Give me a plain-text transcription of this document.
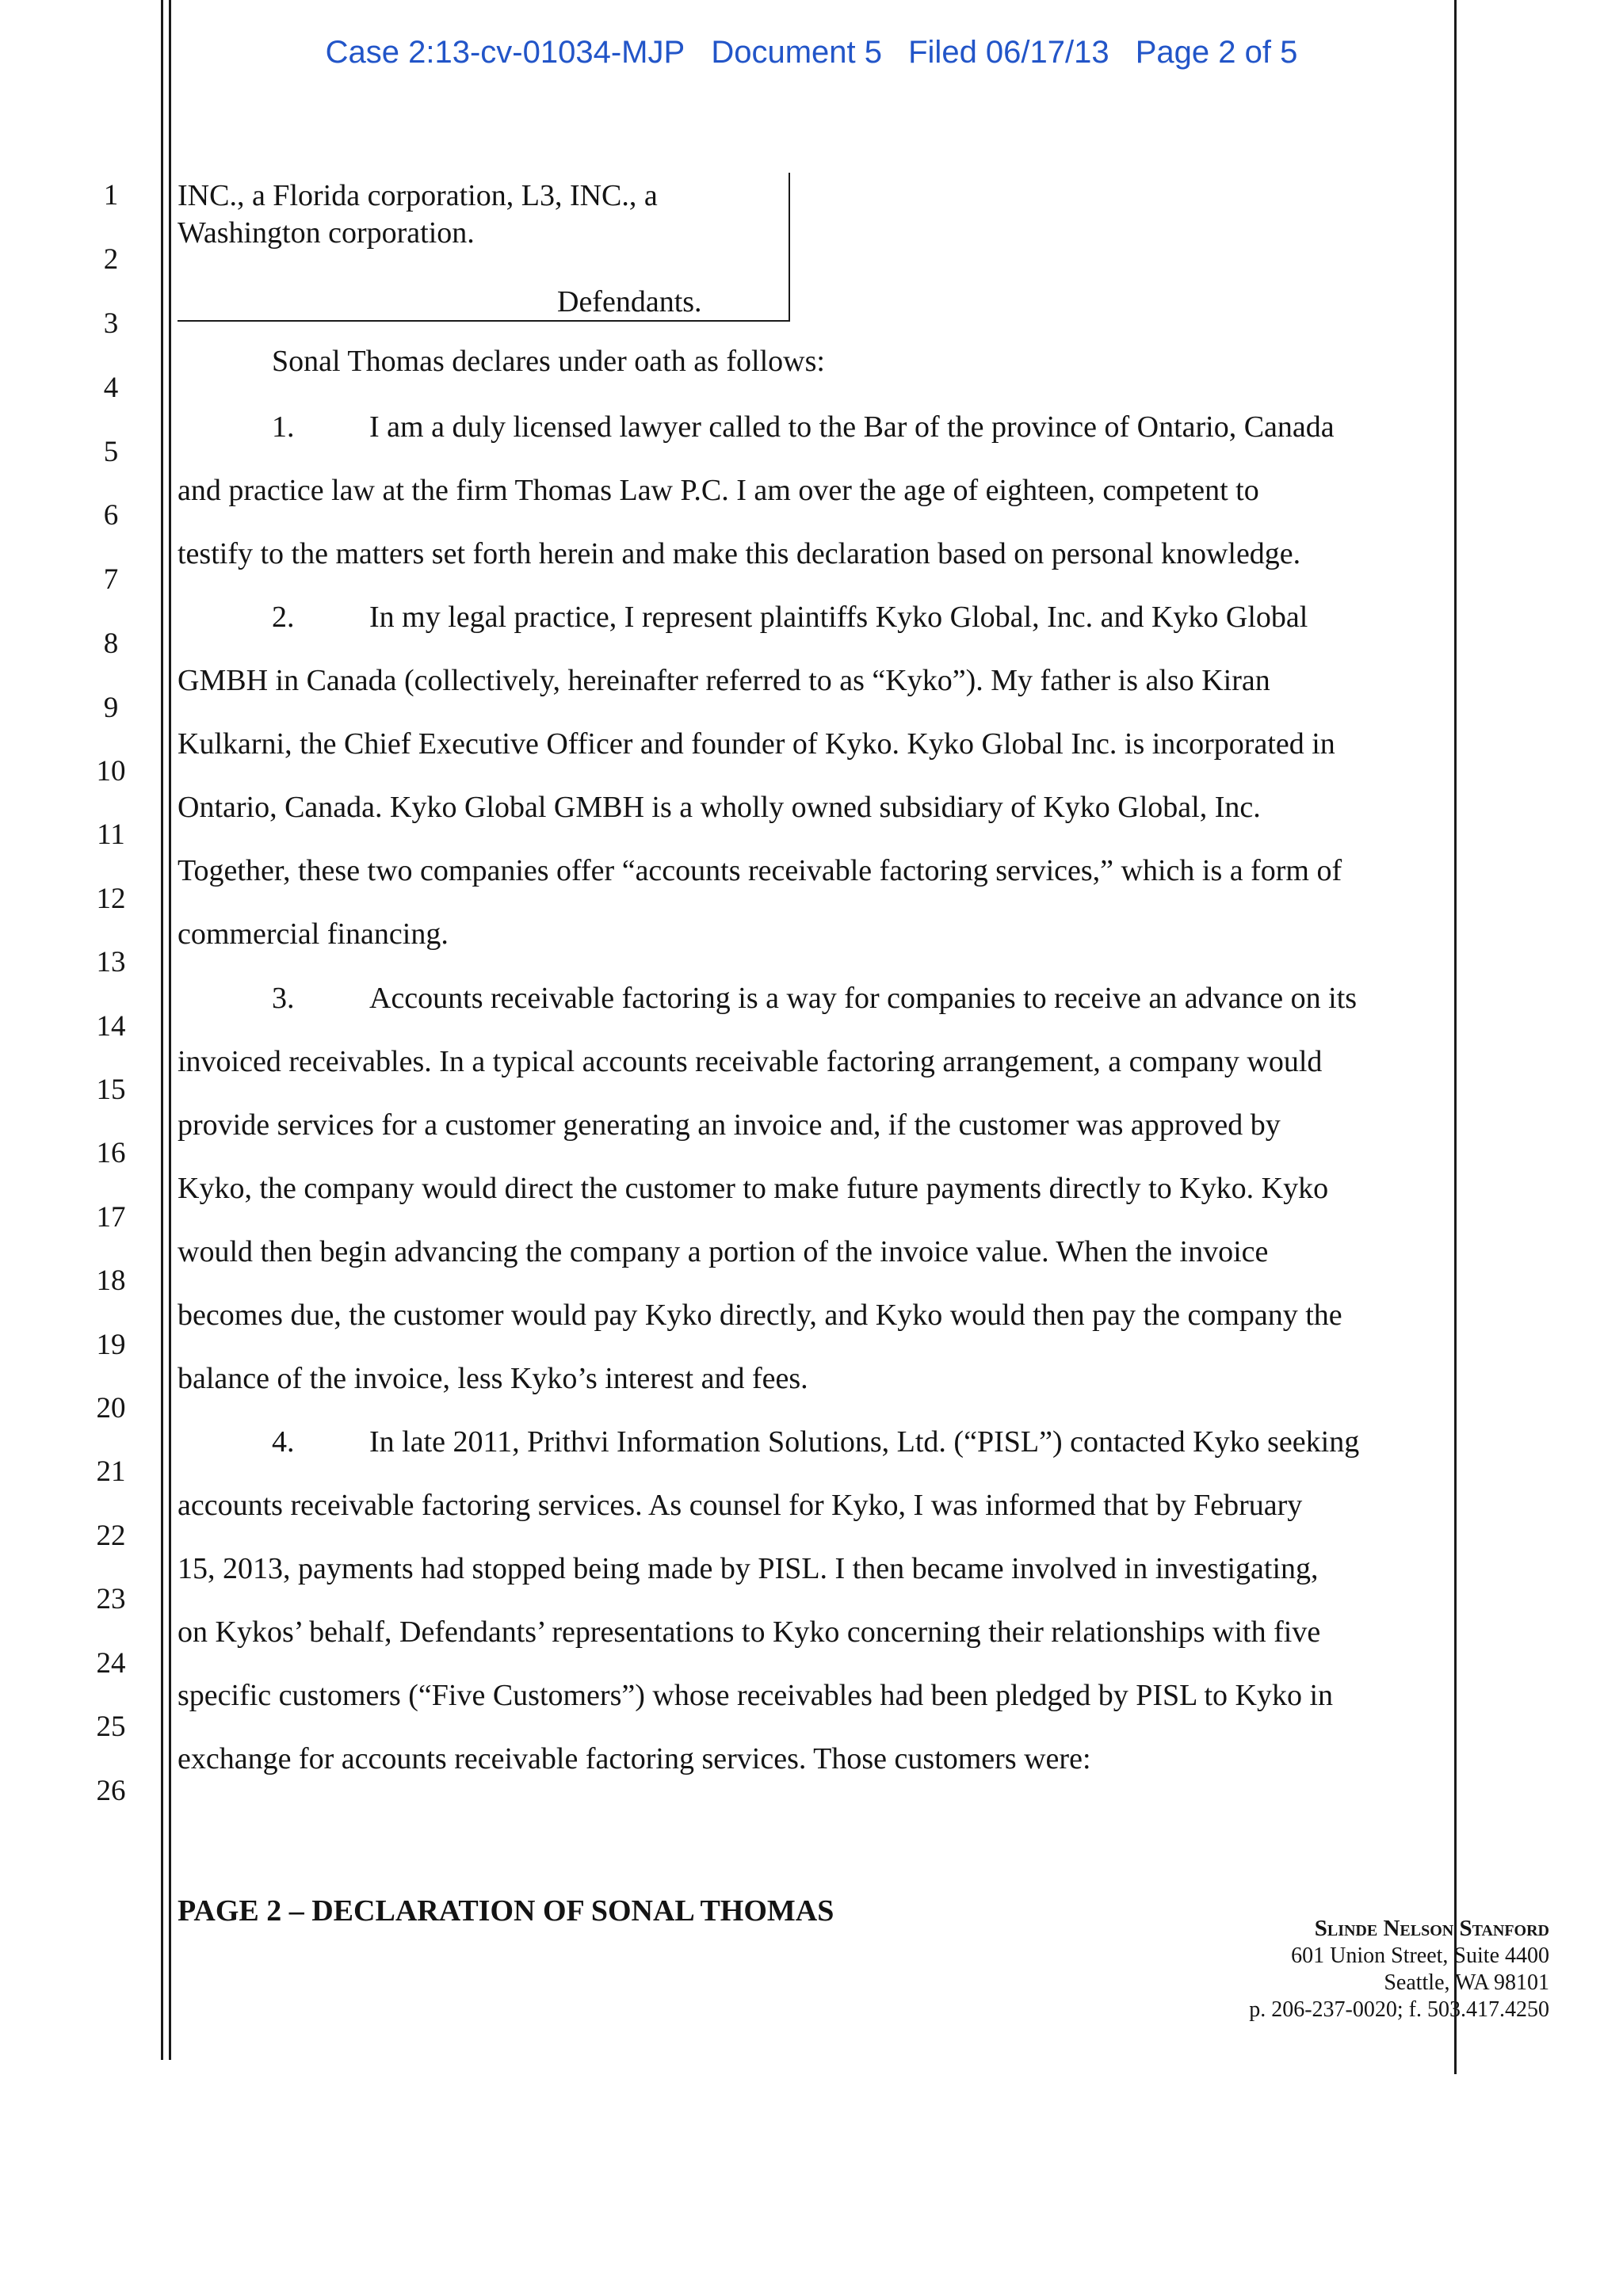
Case 2:13-cv-01034-MJP Document 5 Filed 06/17/13 Page 2 of 5
1
2
3
4
5
6
7
8
9
10
11
12
13
14
15
16
17
18
19
20
21
22
23
24
25
26
INC., a Florida corporation, L3, INC., a
Washington corporation.
Defendants.
Sonal Thomas declares under oath as follows:
1. I am a duly licensed lawyer called to the Bar of the province of Ontario, Canada
and practice law at the firm Thomas Law P.C. I am over the age of eighteen, competent to
testify to the matters set forth herein and make this declaration based on personal knowledge.
2. In my legal practice, I represent plaintiffs Kyko Global, Inc. and Kyko Global
GMBH in Canada (collectively, hereinafter referred to as “Kyko”). My father is also Kiran
Kulkarni, the Chief Executive Officer and founder of Kyko. Kyko Global Inc. is incorporated in
Ontario, Canada. Kyko Global GMBH is a wholly owned subsidiary of Kyko Global, Inc.
Together, these two companies offer “accounts receivable factoring services,” which is a form of
commercial financing.
3. Accounts receivable factoring is a way for companies to receive an advance on its
invoiced receivables. In a typical accounts receivable factoring arrangement, a company would
provide services for a customer generating an invoice and, if the customer was approved by
Kyko, the company would direct the customer to make future payments directly to Kyko. Kyko
would then begin advancing the company a portion of the invoice value. When the invoice
becomes due, the customer would pay Kyko directly, and Kyko would then pay the company the
balance of the invoice, less Kyko’s interest and fees.
4. In late 2011, Prithvi Information Solutions, Ltd. (“PISL”) contacted Kyko seeking
accounts receivable factoring services. As counsel for Kyko, I was informed that by February
15, 2013, payments had stopped being made by PISL. I then became involved in investigating,
on Kykos’ behalf, Defendants’ representations to Kyko concerning their relationships with five
specific customers (“Five Customers”) whose receivables had been pledged by PISL to Kyko in
exchange for accounts receivable factoring services. Those customers were:
PAGE 2 – DECLARATION OF SONAL THOMAS
Slinde Nelson Stanford
601 Union Street, Suite 4400
Seattle, WA 98101
p. 206-237-0020; f. 503.417.4250
